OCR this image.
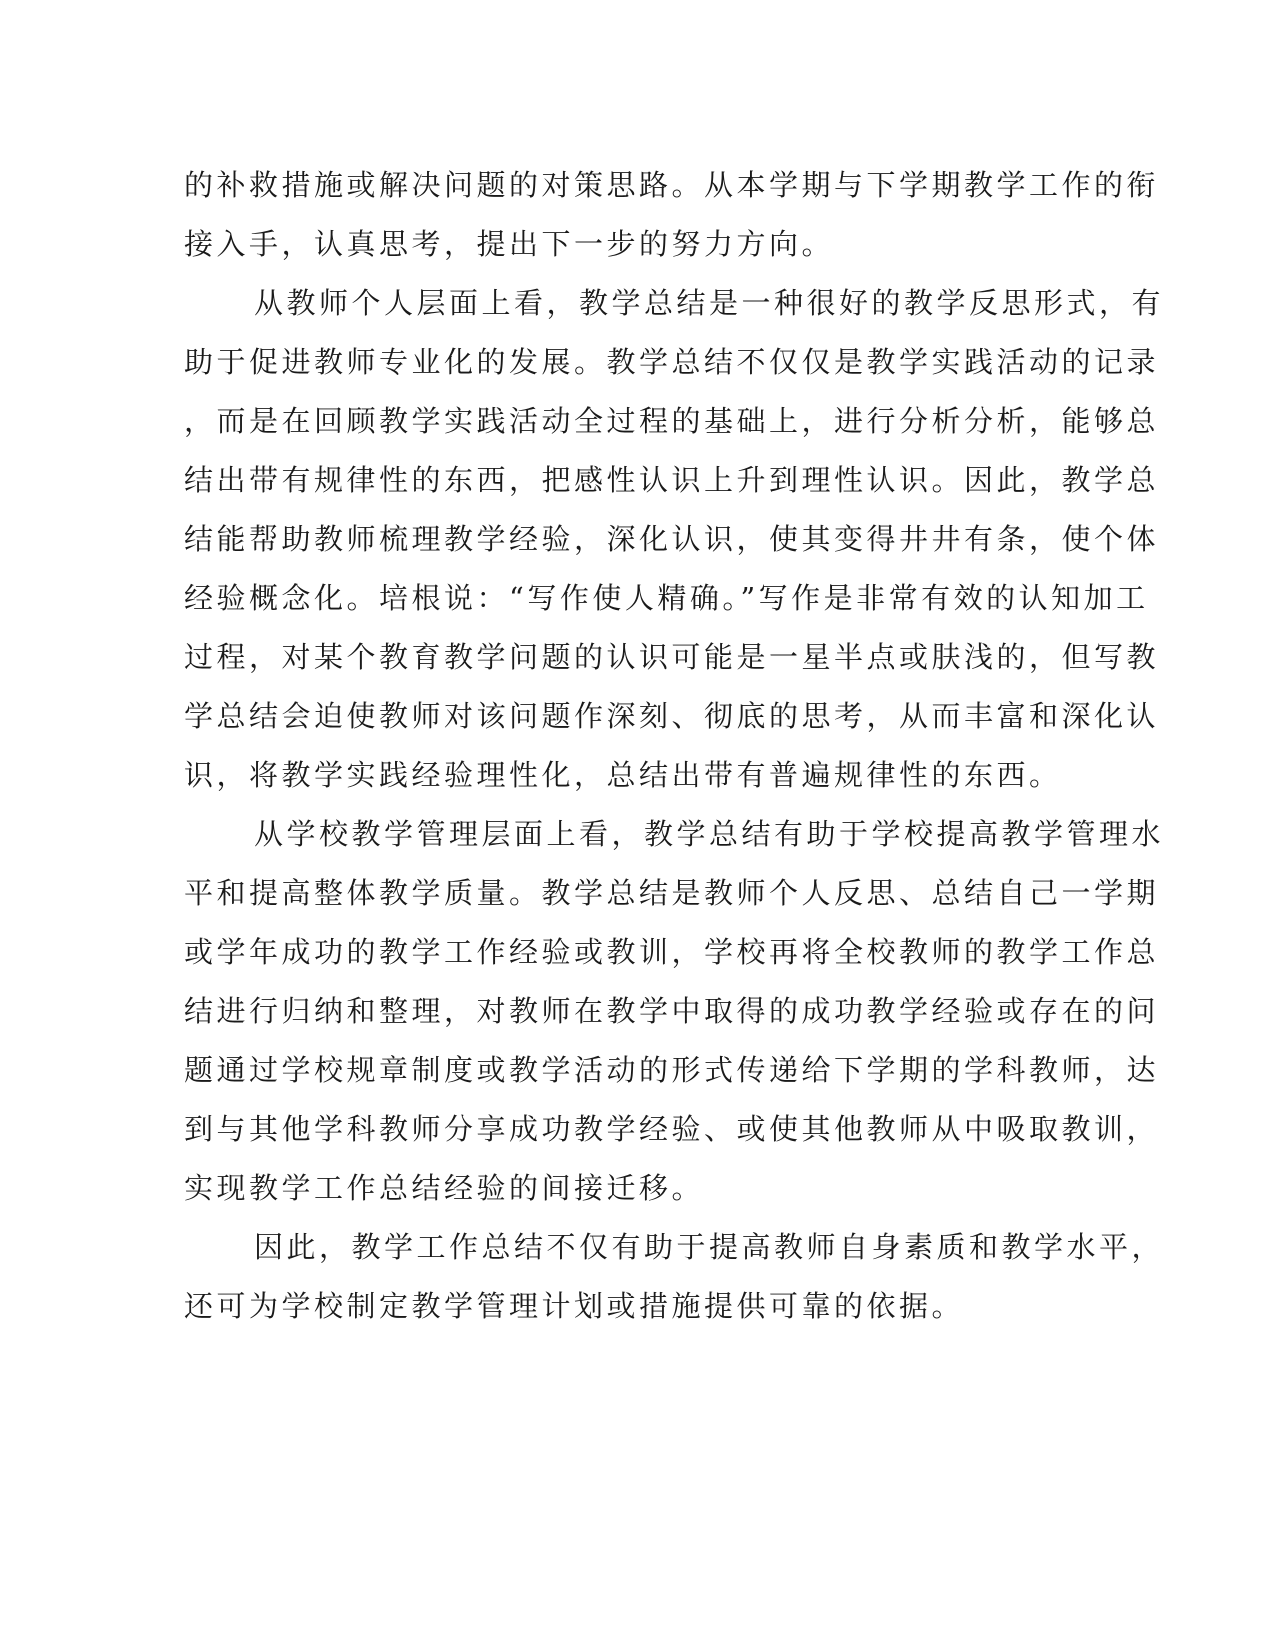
的补救措施或解决问题的对策思路。从本学期与下学期教学工作的衔
接入手，认真思考，提出下一步的努力方向。
从教师个人层面上看，教学总结是一种很好的教学反思形式，有
助于促进教师专业化的发展。教学总结不仅仅是教学实践活动的记录
，而是在回顾教学实践活动全过程的基础上，进行分析分析，能够总
结出带有规律性的东西，把感性认识上升到理性认识。因此，教学总
结能帮助教师梳理教学经验，深化认识，使其变得井井有条，使个体
经验概念化。培根说：“写作使人精确。”写作是非常有效的认知加工
过程，对某个教育教学问题的认识可能是一星半点或肤浅的，但写教
学总结会迫使教师对该问题作深刻、彻底的思考，从而丰富和深化认
识，将教学实践经验理性化，总结出带有普遍规律性的东西。
从学校教学管理层面上看，教学总结有助于学校提高教学管理水
平和提高整体教学质量。教学总结是教师个人反思、总结自己一学期
或学年成功的教学工作经验或教训，学校再将全校教师的教学工作总
结进行归纳和整理，对教师在教学中取得的成功教学经验或存在的问
题通过学校规章制度或教学活动的形式传递给下学期的学科教师，达
到与其他学科教师分享成功教学经验、或使其他教师从中吸取教训，
实现教学工作总结经验的间接迁移。
因此，教学工作总结不仅有助于提高教师自身素质和教学水平，
还可为学校制定教学管理计划或措施提供可靠的依据。
